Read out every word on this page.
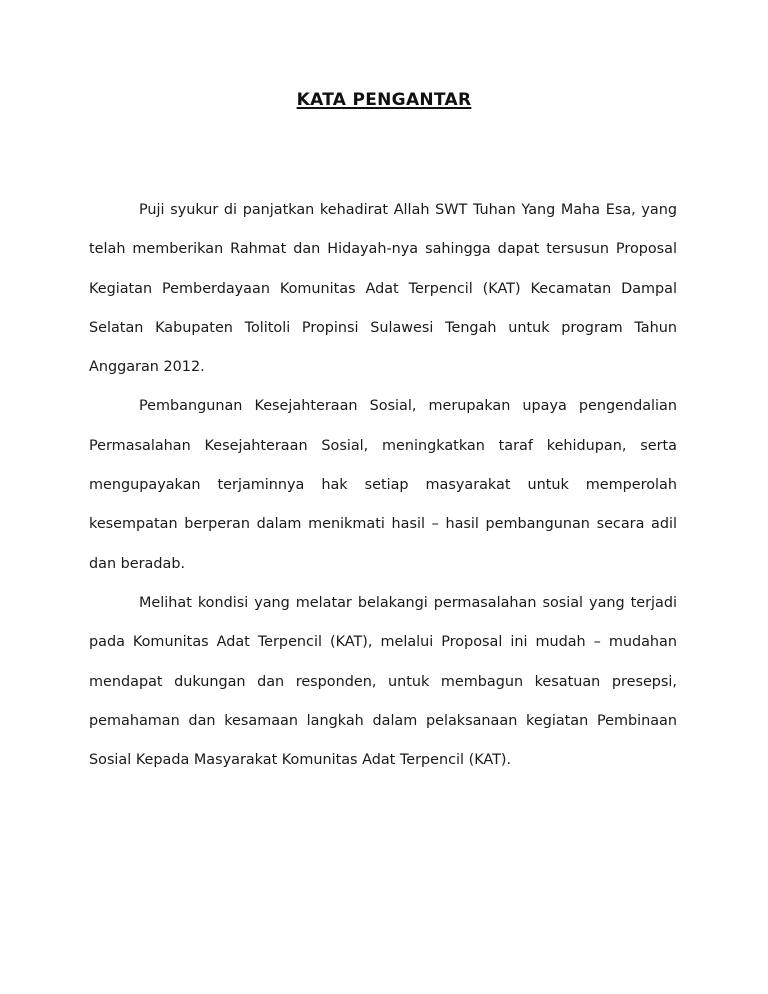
KATA PENGANTAR

Puji syukur di panjatkan kehadirat Allah SWT Tuhan Yang Maha Esa, yang telah memberikan Rahmat dan Hidayah-nya sahingga dapat tersusun Proposal Kegiatan Pemberdayaan Komunitas Adat Terpencil (KAT) Kecamatan Dampal Selatan Kabupaten Tolitoli Propinsi Sulawesi Tengah untuk program Tahun Anggaran 2012.

Pembangunan Kesejahteraan Sosial, merupakan upaya pengendalian Permasalahan Kesejahteraan Sosial, meningkatkan taraf kehidupan, serta mengupayakan terjaminnya hak setiap masyarakat untuk memperolah kesempatan berperan dalam menikmati hasil – hasil pembangunan secara adil dan beradab.

Melihat kondisi yang melatar belakangi permasalahan sosial yang terjadi pada Komunitas Adat Terpencil (KAT), melalui Proposal ini mudah – mudahan mendapat dukungan dan responden, untuk membagun kesatuan presepsi, pemahaman dan kesamaan langkah dalam pelaksanaan kegiatan Pembinaan Sosial Kepada Masyarakat Komunitas Adat Terpencil (KAT).
